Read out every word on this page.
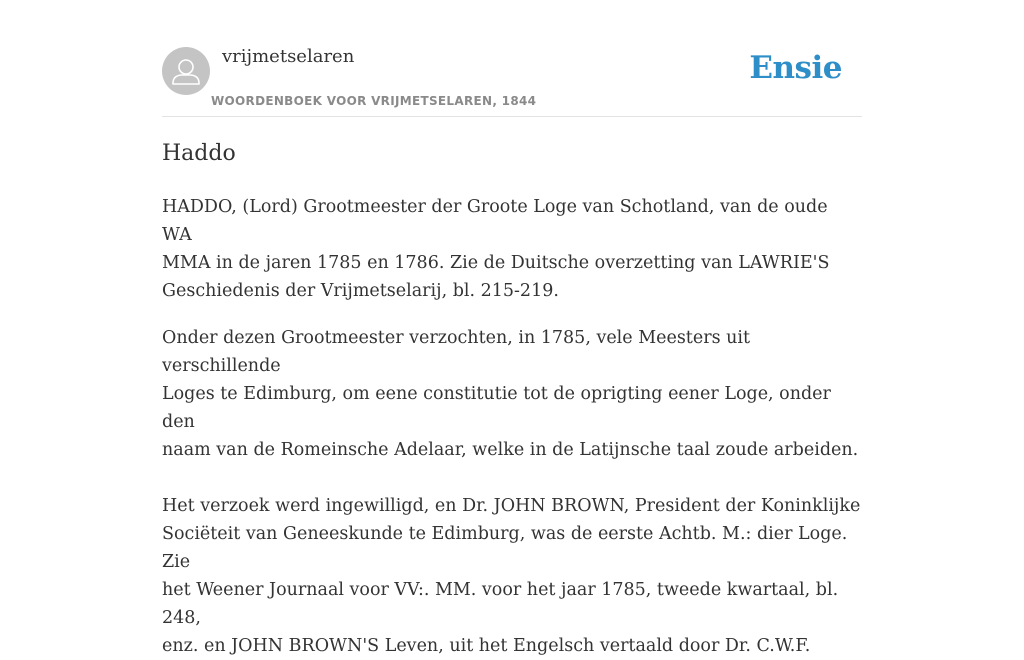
vrijmetselaren
WOORDENBOEK VOOR VRIJMETSELAREN, 1844
Ensie
Haddo

HADDO, (Lord) Grootmeester der Groote Loge van Schotland, van de oude WA
MMA in de jaren 1785 en 1786. Zie de Duitsche overzetting van LAWRIE'S
Geschiedenis der Vrijmetselarij, bl. 215-219.

Onder dezen Grootmeester verzochten, in 1785, vele Meesters uit verschillende
Loges te Edimburg, om eene constitutie tot de oprigting eener Loge, onder den
naam van de Romeinsche Adelaar, welke in de Latijnsche taal zoude arbeiden.

Het verzoek werd ingewilligd, en Dr. JOHN BROWN, President der Koninklijke
Sociëteit van Geneeskunde te Edimburg, was de eerste Achtb. M.: dier Loge. Zie
het Weener Journaal voor VV:. MM. voor het jaar 1785, tweede kwartaal, bl. 248,
enz. en JOHN BROWN'S Leven, uit het Engelsch vertaald door Dr. C.W.F.
